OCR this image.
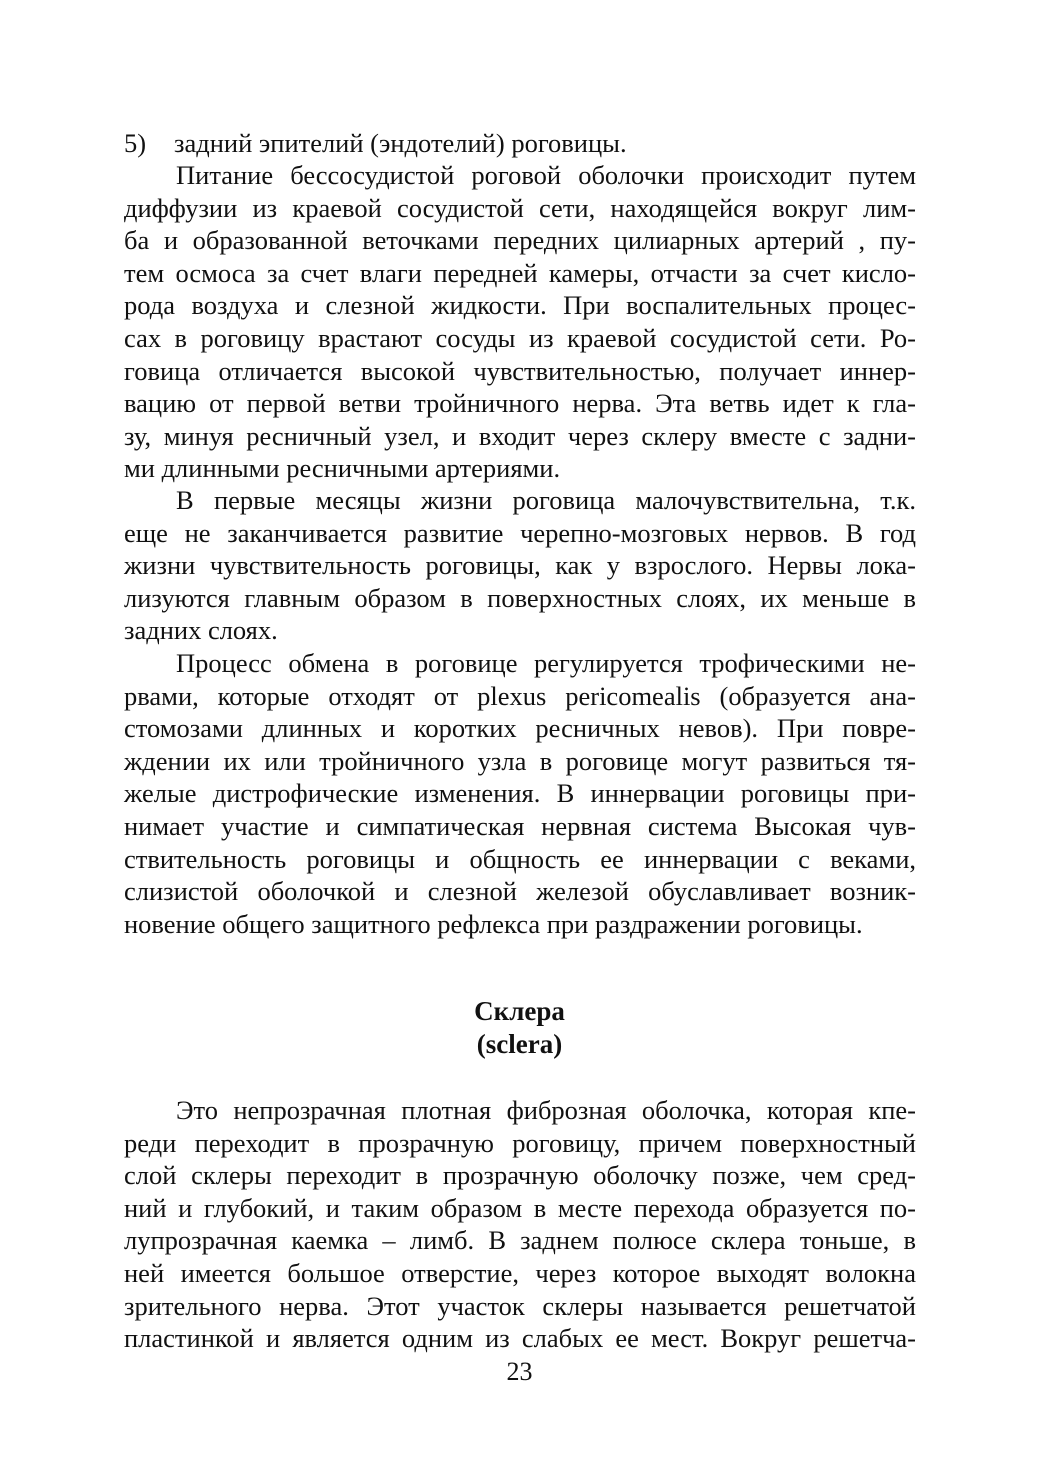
5) задний эпителий (эндотелий) роговицы.
Питание бессосудистой роговой оболочки происходит путем
диффузии из краевой сосудистой сети, находящейся вокруг лим-
ба и образованной веточками передних цилиарных артерий , пу-
тем осмоса за счет влаги передней камеры, отчасти за счет кисло-
рода воздуха и слезной жидкости. При воспалительных процес-
сах в роговицу врастают сосуды из краевой сосудистой сети. Ро-
говица отличается высокой чувствительностью, получает иннер-
вацию от первой ветви тройничного нерва. Эта ветвь идет к гла-
зу, минуя ресничный узел, и входит через склеру вместе с задни-
ми длинными ресничными артериями.
В первые месяцы жизни роговица малочувствительна, т.к.
еще не заканчивается развитие черепно-мозговых нервов. В год
жизни чувствительность роговицы, как у взрослого. Нервы лока-
лизуются главным образом в поверхностных слоях, их меньше в
задних слоях.
Процесс обмена в роговице регулируется трофическими не-
рвами, которые отходят от plexus pericomealis (образуется ана-
стомозами длинных и коротких ресничных невов). При повре-
ждении их или тройничного узла в роговице могут развиться тя-
желые дистрофические изменения. В иннервации роговицы при-
нимает участие и симпатическая нервная система Высокая чув-
ствительность роговицы и общность ее иннервации с веками,
слизистой оболочкой и слезной железой обуславливает возник-
новение общего защитного рефлекса при раздражении роговицы.
Склера
(sclera)
Это непрозрачная плотная фиброзная оболочка, которая кпе-
реди переходит в прозрачную роговицу, причем поверхностный
слой склеры переходит в прозрачную оболочку позже, чем сред-
ний и глубокий, и таким образом в месте перехода образуется по-
лупрозрачная каемка – лимб. В заднем полюсе склера тоньше, в
ней имеется большое отверстие, через которое выходят волокна
зрительного нерва. Этот участок склеры называется решетчатой
пластинкой и является одним из слабых ее мест. Вокруг решетча-
23
